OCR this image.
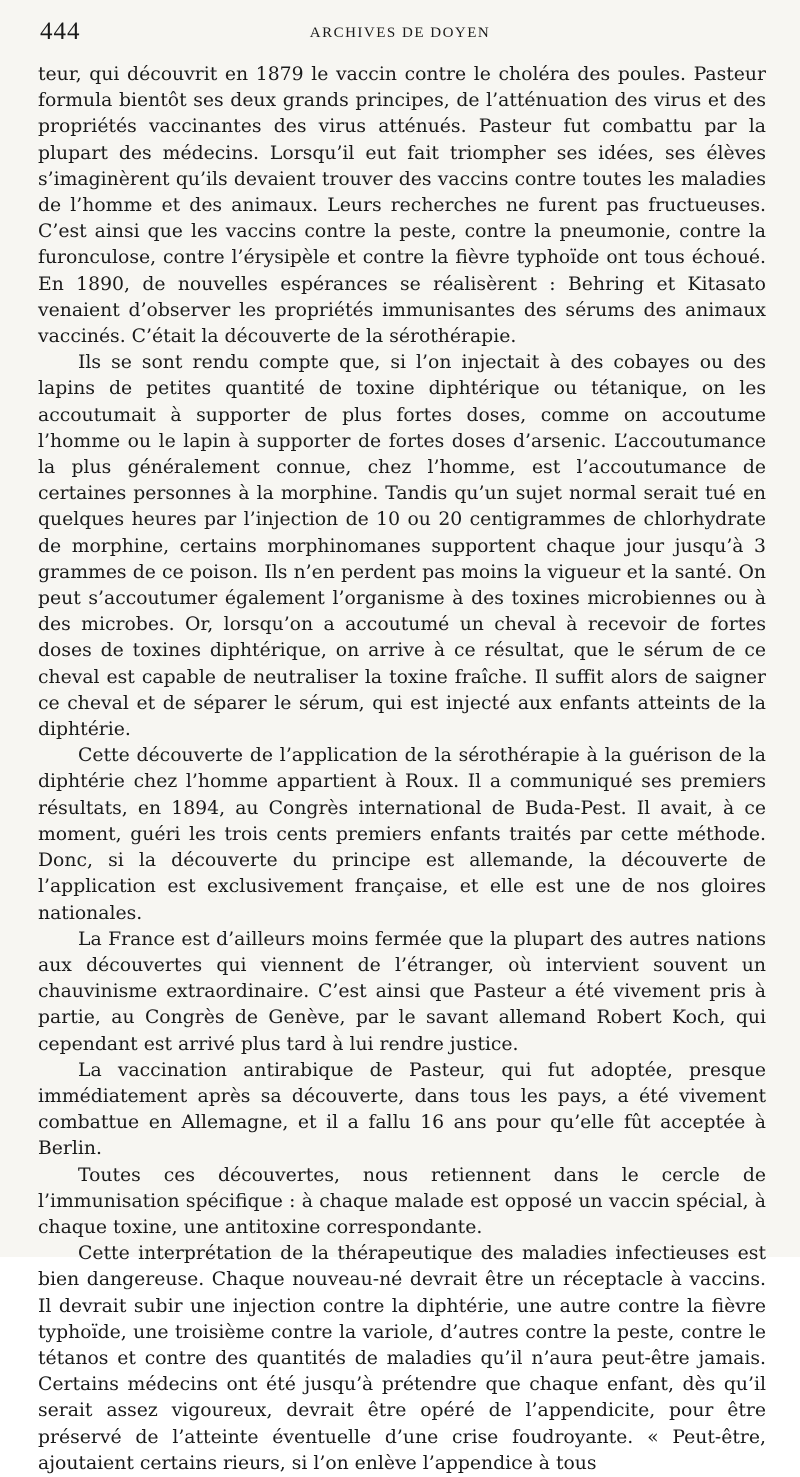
444	ARCHIVES DE DOYEN

teur, qui découvrit en 1879 le vaccin contre le choléra des poules. Pasteur formula bientôt ses deux grands principes, de l’atténuation des virus et des propriétés vaccinantes des virus atténués. Pasteur fut combattu par la plupart des médecins. Lorsqu’il eut fait triompher ses idées, ses élèves s’imaginèrent qu’ils devaient trouver des vaccins contre toutes les maladies de l’homme et des animaux. Leurs recherches ne furent pas fructueuses. C’est ainsi que les vaccins contre la peste, contre la pneumonie, contre la furonculose, contre l’érysipèle et contre la fièvre typhoïde ont tous échoué. En 1890, de nouvelles espérances se réalisèrent : Behring et Kitasato venaient d’observer les propriétés immunisantes des sérums des animaux vaccinés. C’était la découverte de la sérothérapie.

Ils se sont rendu compte que, si l’on injectait à des cobayes ou des lapins de petites quantité de toxine diphtérique ou tétanique, on les accoutumait à supporter de plus fortes doses, comme on accoutume l’homme ou le lapin à supporter de fortes doses d’arsenic. L’accoutumance la plus généralement connue, chez l’homme, est l’accoutumance de certaines personnes à la morphine. Tandis qu’un sujet normal serait tué en quelques heures par l’injection de 10 ou 20 centigrammes de chlorhydrate de morphine, certains morphinomanes supportent chaque jour jusqu’à 3 grammes de ce poison. Ils n’en perdent pas moins la vigueur et la santé. On peut s’accoutumer également l’organisme à des toxines microbiennes ou à des microbes. Or, lorsqu’on a accoutumé un cheval à recevoir de fortes doses de toxines diphtérique, on arrive à ce résultat, que le sérum de ce cheval est capable de neutraliser la toxine fraîche. Il suffit alors de saigner ce cheval et de séparer le sérum, qui est injecté aux enfants atteints de la diphtérie.

Cette découverte de l’application de la sérothérapie à la guérison de la diphtérie chez l’homme appartient à Roux. Il a communiqué ses premiers résultats, en 1894, au Congrès international de Buda-Pest. Il avait, à ce moment, guéri les trois cents premiers enfants traités par cette méthode. Donc, si la découverte du principe est allemande, la découverte de l’application est exclusivement française, et elle est une de nos gloires nationales.

La France est d’ailleurs moins fermée que la plupart des autres nations aux découvertes qui viennent de l’étranger, où intervient souvent un chauvinisme extraordinaire. C’est ainsi que Pasteur a été vivement pris à partie, au Congrès de Genève, par le savant allemand Robert Koch, qui cependant est arrivé plus tard à lui rendre justice.

La vaccination antirabique de Pasteur, qui fut adoptée, presque immédiatement après sa découverte, dans tous les pays, a été vivement combattue en Allemagne, et il a fallu 16 ans pour qu’elle fût acceptée à Berlin.

Toutes ces découvertes, nous retiennent dans le cercle de l’immunisation spécifique : à chaque malade est opposé un vaccin spécial, à chaque toxine, une antitoxine correspondante.

Cette interprétation de la thérapeutique des maladies infectieuses est bien dangereuse. Chaque nouveau-né devrait être un réceptacle à vaccins. Il devrait subir une injection contre la diphtérie, une autre contre la fièvre typhoïde, une troisième contre la variole, d’autres contre la peste, contre le tétanos et contre des quantités de maladies qu’il n’aura peut-être jamais. Certains médecins ont été jusqu’à prétendre que chaque enfant, dès qu’il serait assez vigoureux, devrait être opéré de l’appendicite, pour être préservé de l’atteinte éventuelle d’une crise foudroyante. « Peut-être, ajoutaient certains rieurs, si l’on enlève l’appendice à tous
